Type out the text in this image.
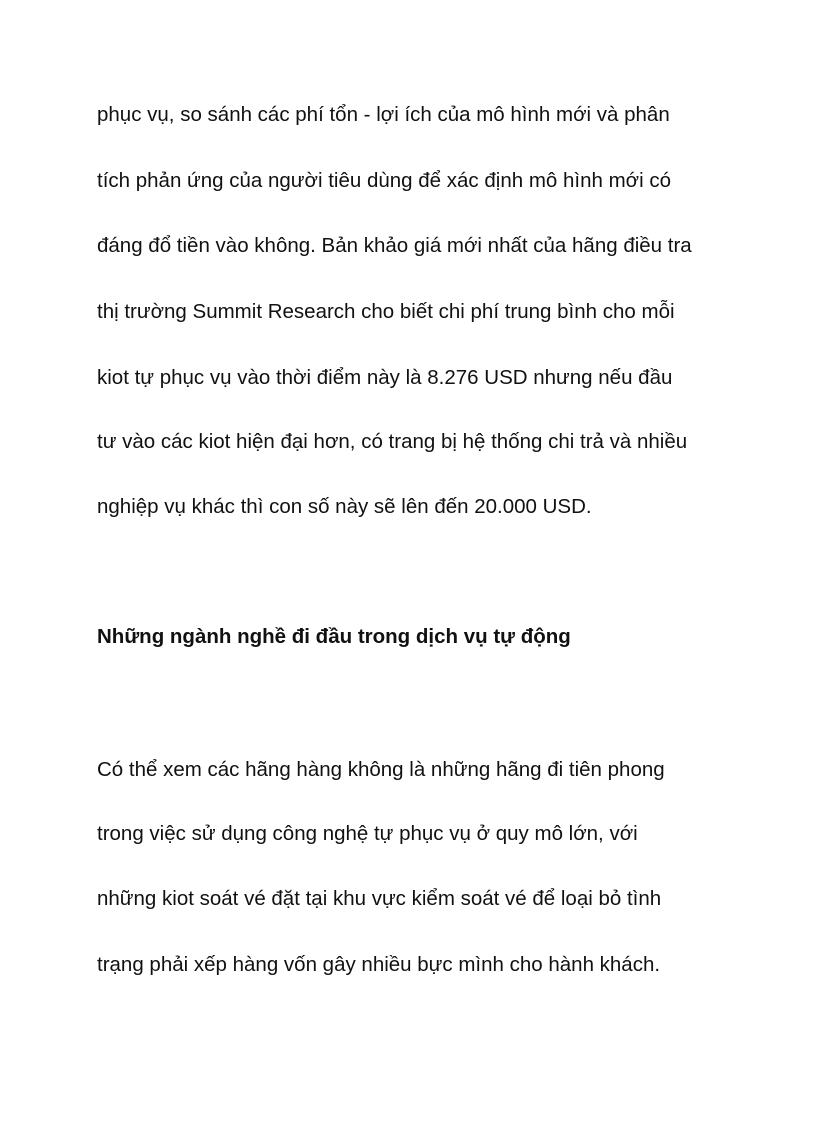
phục vụ, so sánh các phí tổn - lợi ích của mô hình mới và phân
tích phản ứng của người tiêu dùng để xác định mô hình mới có
đáng đổ tiền vào không. Bản khảo giá mới nhất của hãng điều tra
thị trường Summit Research cho biết chi phí trung bình cho mỗi
kiot tự phục vụ vào thời điểm này là 8.276 USD nhưng nếu đầu
tư vào các kiot hiện đại hơn, có trang bị hệ thống chi trả và nhiều
nghiệp vụ khác thì con số này sẽ lên đến 20.000 USD.
Những ngành nghề đi đầu trong dịch vụ tự động
Có thể xem các hãng hàng không là những hãng đi tiên phong
trong việc sử dụng công nghệ tự phục vụ ở quy mô lớn, với
những kiot soát vé đặt tại khu vực kiểm soát vé để loại bỏ tình
trạng phải xếp hàng vốn gây nhiều bực mình cho hành khách.
